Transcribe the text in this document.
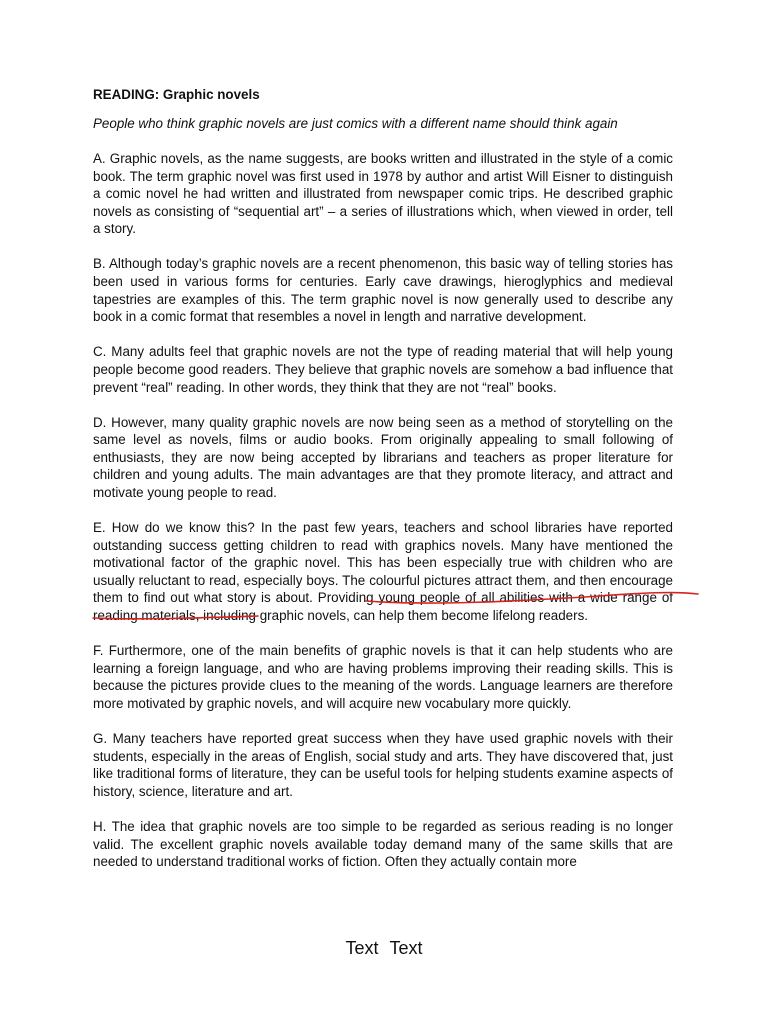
READING: Graphic novels
People who think graphic novels are just comics with a different name should think again

A. Graphic novels, as the name suggests, are books written and illustrated in the style of a comic book. The term graphic novel was first used in 1978 by author and artist Will Eisner to distinguish a comic novel he had written and illustrated from newspaper comic trips. He described graphic novels as consisting of “sequential art” – a series of illustrations which, when viewed in order, tell a story.

B. Although today’s graphic novels are a recent phenomenon, this basic way of telling stories has been used in various forms for centuries. Early cave drawings, hieroglyphics and medieval tapestries are examples of this. The term graphic novel is now generally used to describe any book in a comic format that resembles a novel in length and narrative development.

C. Many adults feel that graphic novels are not the type of reading material that will help young people become good readers. They believe that graphic novels are somehow a bad influence that prevent “real” reading. In other words, they think that they are not “real” books.

D. However, many quality graphic novels are now being seen as a method of storytelling on the same level as novels, films or audio books. From originally appealing to small following of enthusiasts, they are now being accepted by librarians and teachers as proper literature for children and young adults. The main advantages are that they promote literacy, and attract and motivate young people to read.

E. How do we know this? In the past few years, teachers and school libraries have reported outstanding success getting children to read with graphics novels. Many have mentioned the motivational factor of the graphic novel. This has been especially true with children who are usually reluctant to read, especially boys. The colourful pictures attract them, and then encourage them to find out what story is about. Providing young people of all abilities with a wide range of reading materials, including graphic novels, can help them become lifelong readers.

F. Furthermore, one of the main benefits of graphic novels is that it can help students who are learning a foreign language, and who are having problems improving their reading skills. This is because the pictures provide clues to the meaning of the words. Language learners are therefore more motivated by graphic novels, and will acquire new vocabulary more quickly.

G. Many teachers have reported great success when they have used graphic novels with their students, especially in the areas of English, social study and arts. They have discovered that, just like traditional forms of literature, they can be useful tools for helping students examine aspects of history, science, literature and art.

H. The idea that graphic novels are too simple to be regarded as serious reading is no longer valid. The excellent graphic novels available today demand many of the same skills that are needed to understand traditional works of fiction. Often they actually contain more

Text Text
